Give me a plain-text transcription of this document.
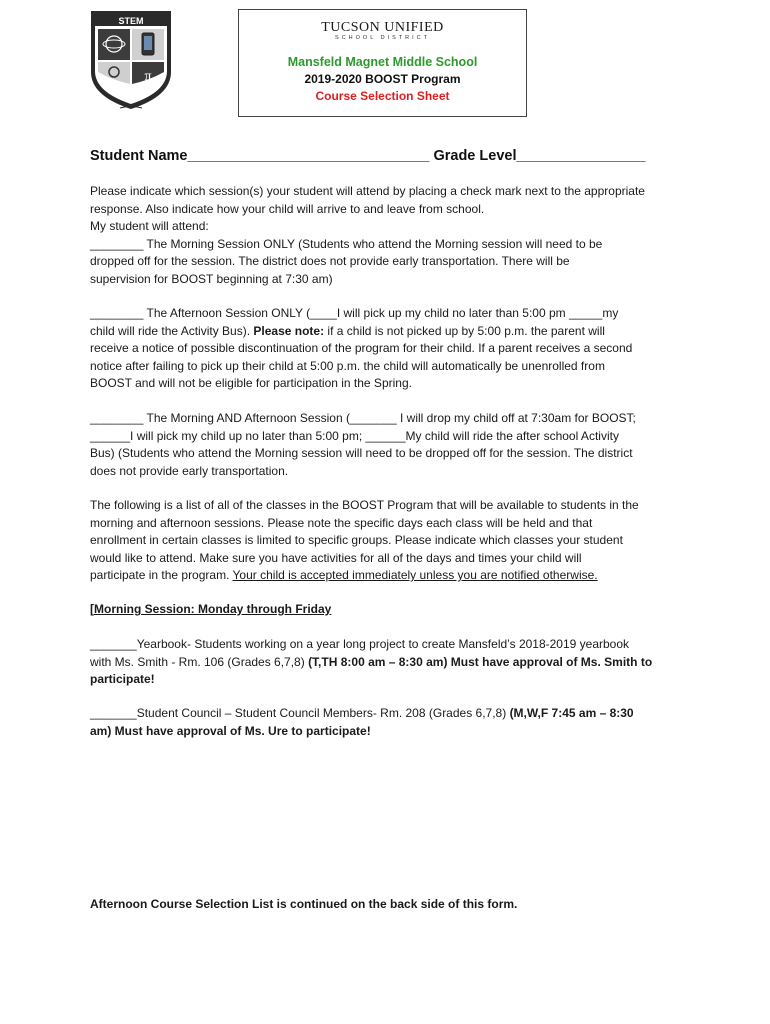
STEM
π
TUCSON UNIFIED
SCHOOL DISTRICT
Mansfeld Magnet Middle School
2019-2020 BOOST Program
Course Selection Sheet
Student Name______________________________ Grade Level________________

Please indicate which session(s) your student will attend by placing a check mark next to the appropriate

response. Also indicate how your child will arrive to and leave from school.

My student will attend:

________ The Morning Session ONLY (Students who attend the Morning session will need to be

dropped off for the session. The district does not provide early transportation. There will be

supervision for BOOST beginning at 7:30 am)

________ The Afternoon Session ONLY (____I will pick up my child no later than 5:00 pm _____my

child will ride the Activity Bus). Please note: if a child is not picked up by 5:00 p.m. the parent will

receive a notice of possible discontinuation of the program for their child. If a parent receives a second

notice after failing to pick up their child at 5:00 p.m. the child will automatically be unenrolled from

BOOST and will not be eligible for participation in the Spring.

________ The Morning AND Afternoon Session (_______ I will drop my child off at 7:30am for BOOST;

______I will pick my child up no later than 5:00 pm; ______My child will ride the after school Activity

Bus) (Students who attend the Morning session will need to be dropped off for the session. The district

does not provide early transportation.

The following is a list of all of the classes in the BOOST Program that will be available to students in the

morning and afternoon sessions. Please note the specific days each class will be held and that

enrollment in certain classes is limited to specific groups. Please indicate which classes your student

would like to attend. Make sure you have activities for all of the days and times your child will

participate in the program. Your child is accepted immediately unless you are notified otherwise.

[Morning Session: Monday through Friday

_______Yearbook- Students working on a year long project to create Mansfeld’s 2018-2019 yearbook

with Ms. Smith - Rm. 106 (Grades 6,7,8) (T,TH 8:00 am – 8:30 am) Must have approval of Ms. Smith to

participate!

_______Student Council – Student Council Members- Rm. 208 (Grades 6,7,8) (M,W,F 7:45 am – 8:30

am) Must have approval of Ms. Ure to participate!

Afternoon Course Selection List is continued on the back side of this form.
